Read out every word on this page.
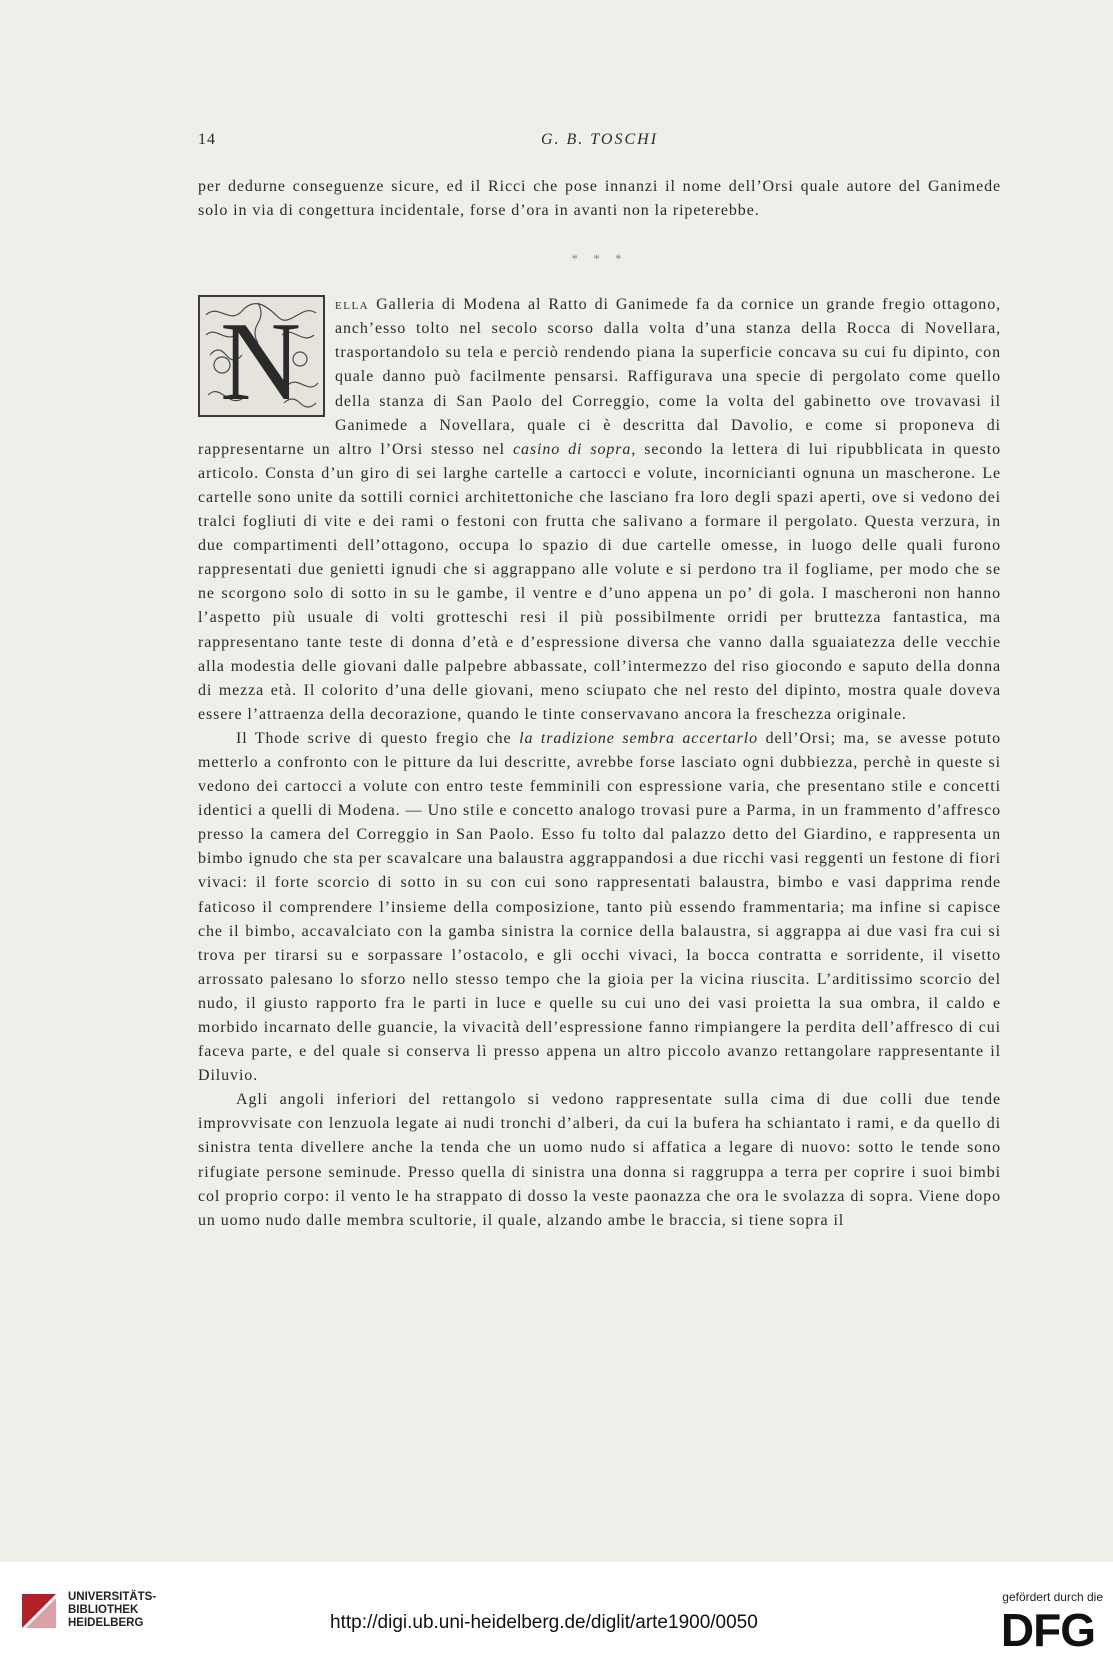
14	G. B. TOSCHI

per dedurne conseguenze sicure, ed il Ricci che pose innanzi il nome dell’Orsi quale autore del Ganimede solo in via di congettura incidentale, forse d’ora in avanti non la ripeterebbe.

* * *

N ella Galleria di Modena al Ratto di Ganimede fa da cornice un grande fregio ottagono, anch’esso tolto nel secolo scorso dalla volta d’una stanza della Rocca di Novellara, trasportandolo su tela e perciò rendendo piana la superficie concava su cui fu dipinto, con quale danno può facilmente pensarsi. Raffigurava una specie di pergolato come quello della stanza di San Paolo del Correggio, come la volta del gabinetto ove trovavasi il Ganimede a Novellara, quale ci è descritta dal Davolio, e come si proponeva di rappresentarne un altro l’Orsi stesso nel casino di sopra, secondo la lettera di lui ripubblicata in questo articolo. Consta d’un giro di sei larghe cartelle a cartocci e volute, incornicianti ognuna un mascherone. Le cartelle sono unite da sottili cornici architettoniche che lasciano fra loro degli spazi aperti, ove si vedono dei tralci fogliuti di vite e dei rami o festoni con frutta che salivano a formare il pergolato. Questa verzura, in due compartimenti dell’ottagono, occupa lo spazio di due cartelle omesse, in luogo delle quali furono rappresentati due genietti ignudi che si aggrappano alle volute e si perdono tra il fogliame, per modo che se ne scorgono solo di sotto in su le gambe, il ventre e d’uno appena un po’ di gola. I mascheroni non hanno l’aspetto più usuale di volti grotteschi resi il più possibilmente orridi per bruttezza fantastica, ma rappresentano tante teste di donna d’età e d’espressione diversa che vanno dalla sguaiatezza delle vecchie alla modestia delle giovani dalle palpebre abbassate, coll’intermezzo del riso giocondo e saputo della donna di mezza età. Il colorito d’una delle giovani, meno sciupato che nel resto del dipinto, mostra quale doveva essere l’attraenza della decorazione, quando le tinte conservavano ancora la freschezza originale.

Il Thode scrive di questo fregio che la tradizione sembra accertarlo dell’Orsi; ma, se avesse potuto metterlo a confronto con le pitture da lui descritte, avrebbe forse lasciato ogni dubbiezza, perchè in queste si vedono dei cartocci a volute con entro teste femminili con espressione varia, che presentano stile e concetti identici a quelli di Modena. — Uno stile e concetto analogo trovasi pure a Parma, in un frammento d’affresco presso la camera del Correggio in San Paolo. Esso fu tolto dal palazzo detto del Giardino, e rappresenta un bimbo ignudo che sta per scavalcare una balaustra aggrappandosi a due ricchi vasi reggenti un festone di fiori vivaci: il forte scorcio di sotto in su con cui sono rappresentati balaustra, bimbo e vasi dapprima rende faticoso il comprendere l’insieme della composizione, tanto più essendo frammentaria; ma infine si capisce che il bimbo, accavalciato con la gamba sinistra la cornice della balaustra, si aggrappa ai due vasi fra cui si trova per tirarsi su e sorpassare l’ostacolo, e gli occhi vivaci, la bocca contratta e sorridente, il visetto arrossato palesano lo sforzo nello stesso tempo che la gioia per la vicina riuscita. L’arditissimo scorcio del nudo, il giusto rapporto fra le parti in luce e quelle su cui uno dei vasi proietta la sua ombra, il caldo e morbido incarnato delle guancie, la vivacità dell’espressione fanno rimpiangere la perdita dell’affresco di cui faceva parte, e del quale si conserva lì presso appena un altro piccolo avanzo rettangolare rappresentante il Diluvio.

Agli angoli inferiori del rettangolo si vedono rappresentate sulla cima di due colli due tende improvvisate con lenzuola legate ai nudi tronchi d’alberi, da cui la bufera ha schiantato i rami, e da quello di sinistra tenta divellere anche la tenda che un uomo nudo si affatica a legare di nuovo: sotto le tende sono rifugiate persone seminude. Presso quella di sinistra una donna si raggruppa a terra per coprire i suoi bimbi col proprio corpo: il vento le ha strappato di dosso la veste paonazza che ora le svolazza di sopra. Viene dopo un uomo nudo dalle membra scultorie, il quale, alzando ambe le braccia, si tiene sopra il

UNIVERSITÄTS-
BIBLIOTHEK
HEIDELBERG	http://digi.ub.uni-heidelberg.de/diglit/arte1900/0050
gefördert durch die
DFG
